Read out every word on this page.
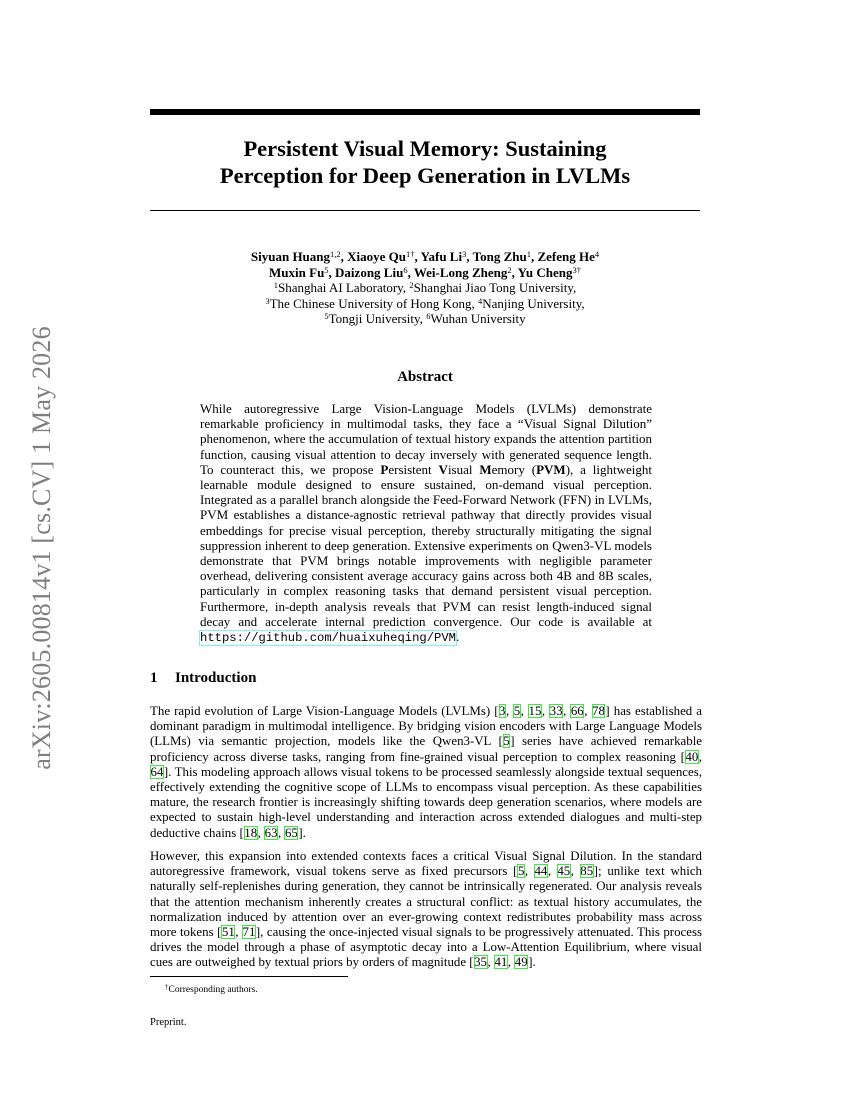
arXiv:2605.00814v1 [cs.CV] 1 May 2026
Persistent Visual Memory: Sustaining
Perception for Deep Generation in LVLMs
Siyuan Huang$^{1,2}$, Xiaoye $Qu^{1\dagger}$, Yafu Li$^3$, Tong Zhu$^1$, Zefeng He$^4$
Muxin Fu$^5$, Daizong Liu$^6$, Wei-Long Zheng$^2$, Yu Cheng$^{3\dagger}$
$^1$Shanghai AI Laboratory, $^2$Shanghai Jiao Tong University,
$^3$The Chinese University of Hong Kong, $^4$Nanjing University,
$^5$Tongji University, $^6$Wuhan University
Abstract

While autoregressive Large Vision-Language Models (LVLMs) demonstrate remarkable proficiency in multimodal tasks, they face a “Visual Signal Dilution” phenomenon, where the accumulation of textual history expands the attention partition function, causing visual attention to decay inversely with generated sequence length. To counteract this, we propose Persistent Visual Memory (PVM), a lightweight learnable module designed to ensure sustained, on-demand visual perception. Integrated as a parallel branch alongside the Feed-Forward Network (FFN) in LVLMs, PVM establishes a distance-agnostic retrieval pathway that directly provides visual embeddings for precise visual perception, thereby structurally mitigating the signal suppression inherent to deep generation. Extensive experiments on Qwen3-VL models demonstrate that PVM brings notable improvements with negligible parameter overhead, delivering consistent average accuracy gains across both 4B and 8B scales, particularly in complex reasoning tasks that demand persistent visual perception. Furthermore, in-depth analysis reveals that PVM can resist length-induced signal decay and accelerate internal prediction convergence. Our code is available at https://github.com/huaixuheqing/PVM.

1 Introduction

The rapid evolution of Large Vision-Language Models (LVLMs) [3, 5, 15, 33, 66, 78] has established a dominant paradigm in multimodal intelligence. By bridging vision encoders with Large Language Models (LLMs) via semantic projection, models like the Qwen3-VL [5] series have achieved remarkable proficiency across diverse tasks, ranging from fine-grained visual perception to complex reasoning [40, 64]. This modeling approach allows visual tokens to be processed seamlessly alongside textual sequences, effectively extending the cognitive scope of LLMs to encompass visual perception. As these capabilities mature, the research frontier is increasingly shifting towards deep generation scenarios, where models are expected to sustain high-level understanding and interaction across extended dialogues and multi-step deductive chains [18, 63, 65].

However, this expansion into extended contexts faces a critical Visual Signal Dilution. In the standard autoregressive framework, visual tokens serve as fixed precursors [5, 44, 45, 85]; unlike text which naturally self-replenishes during generation, they cannot be intrinsically regenerated. Our analysis reveals that the attention mechanism inherently creates a structural conflict: as textual history accumulates, the normalization induced by attention over an ever-growing context redistributes probability mass across more tokens [51, 71], causing the once-injected visual signals to be progressively attenuated. This process drives the model through a phase of asymptotic decay into a Low-Attention Equilibrium, where visual cues are outweighed by textual priors by orders of magnitude [35, 41, 49].

†Corresponding authors.

Preprint.
